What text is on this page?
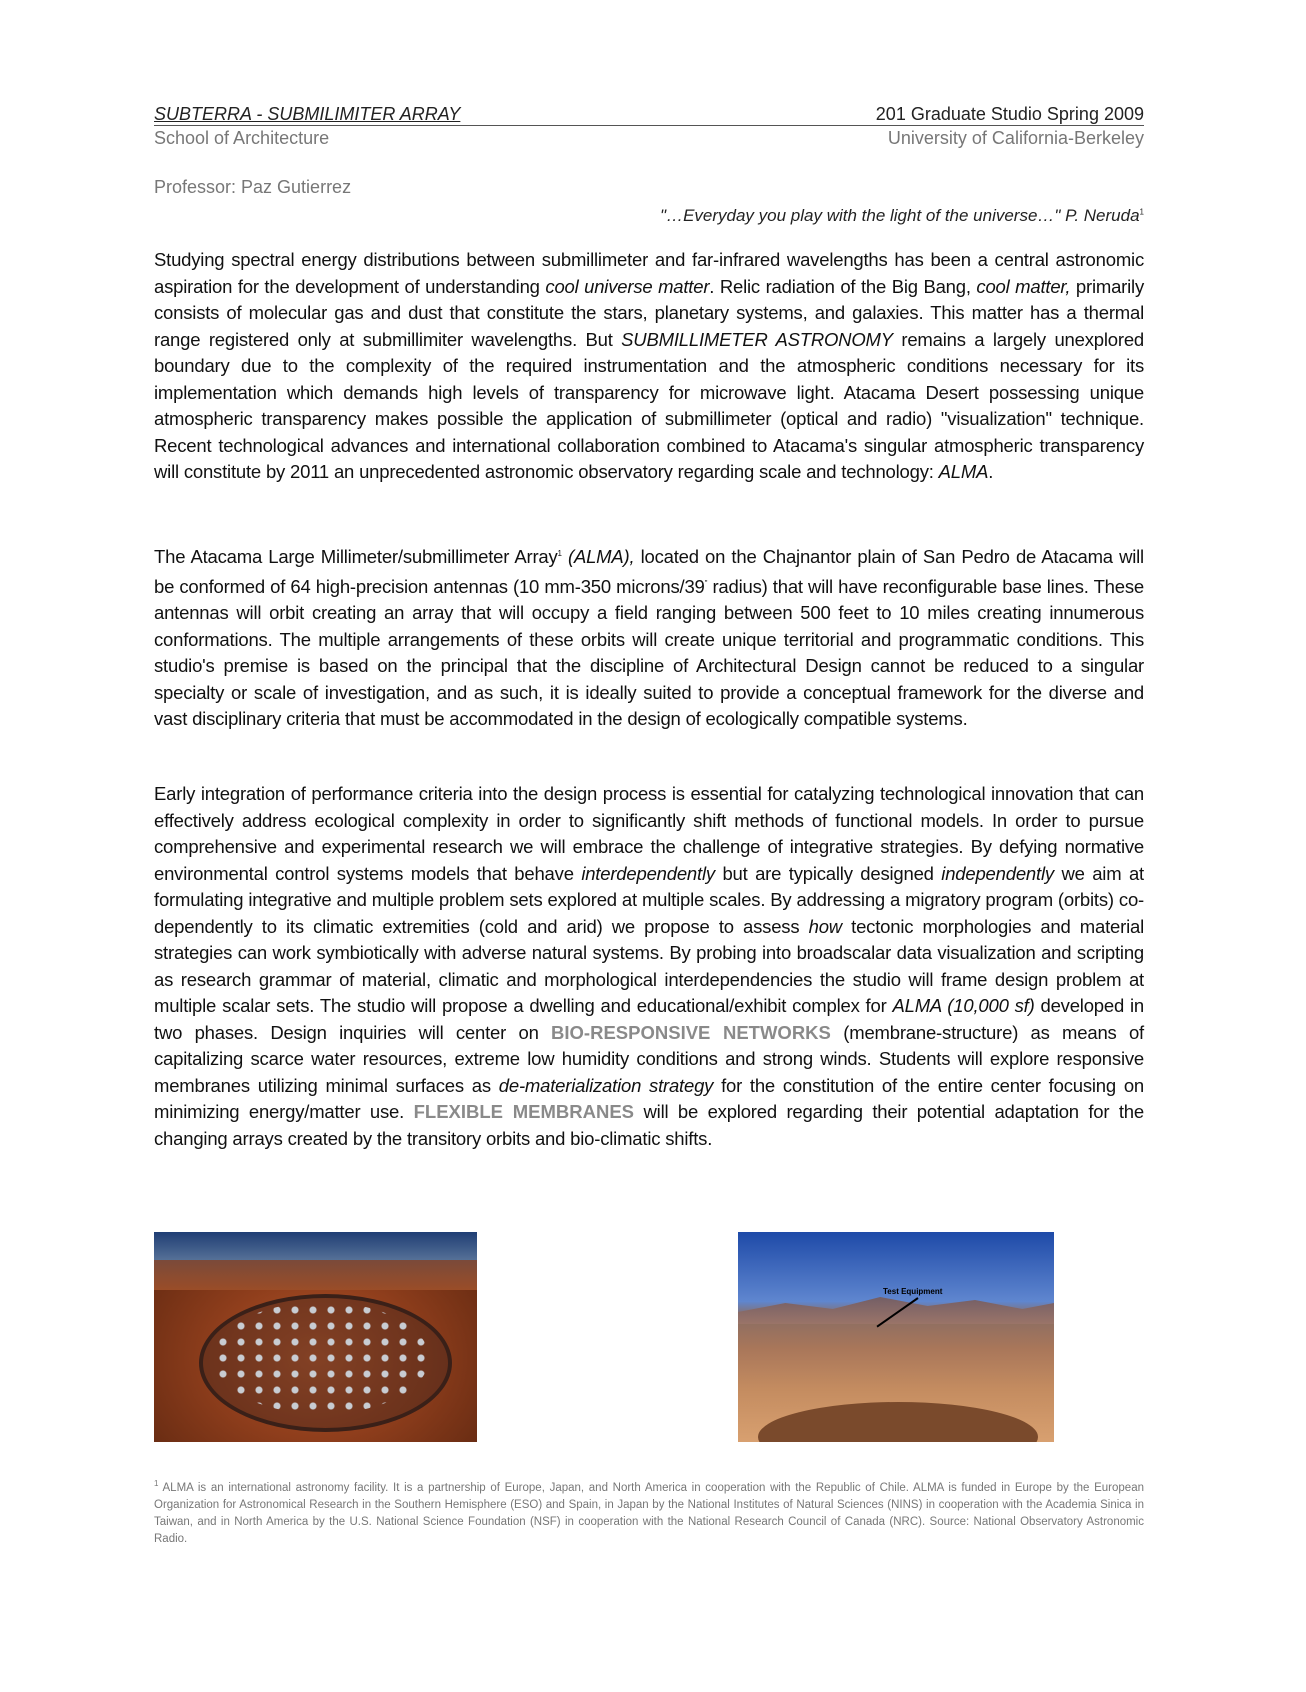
SUBTERRA - SUBMILIMITER ARRAY	201 Graduate Studio Spring 2009
School of Architecture	University of California-Berkeley
Professor: Paz Gutierrez
"…Everyday you play with the light of the universe…" P. Neruda$^1$

Studying spectral energy distributions between submillimeter and far-infrared wavelengths has been a central astronomic aspiration for the development of understanding cool universe matter. Relic radiation of the Big Bang, cool matter, primarily consists of molecular gas and dust that constitute the stars, planetary systems, and galaxies. This matter has a thermal range registered only at submillimiter wavelengths. But SUBMILLIMETER ASTRONOMY remains a largely unexplored boundary due to the complexity of the required instrumentation and the atmospheric conditions necessary for its implementation which demands high levels of transparency for microwave light. Atacama Desert possessing unique atmospheric transparency makes possible the application of submillimeter (optical and radio) "visualization" technique. Recent technological advances and international collaboration combined to Atacama's singular atmospheric transparency will constitute by 2011 an unprecedented astronomic observatory regarding scale and technology: ALMA.

The Atacama Large Millimeter/submillimeter Array$^1$ (ALMA), located on the Chajnantor plain of San Pedro de Atacama will be conformed of 64 high-precision antennas (10 mm-350 microns/39" radius) that will have reconfigurable base lines. These antennas will orbit creating an array that will occupy a field ranging between 500 feet to 10 miles creating innumerous conformations. The multiple arrangements of these orbits will create unique territorial and programmatic conditions. This studio's premise is based on the principal that the discipline of Architectural Design cannot be reduced to a singular specialty or scale of investigation, and as such, it is ideally suited to provide a conceptual framework for the diverse and vast disciplinary criteria that must be accommodated in the design of ecologically compatible systems.

Early integration of performance criteria into the design process is essential for catalyzing technological innovation that can effectively address ecological complexity in order to significantly shift methods of functional models. In order to pursue comprehensive and experimental research we will embrace the challenge of integrative strategies. By defying normative environmental control systems models that behave interdependently but are typically designed independently we aim at formulating integrative and multiple problem sets explored at multiple scales. By addressing a migratory program (orbits) co-dependently to its climatic extremities (cold and arid) we propose to assess how tectonic morphologies and material strategies can work symbiotically with adverse natural systems. By probing into broadscalar data visualization and scripting as research grammar of material, climatic and morphological interdependencies the studio will frame design problem at multiple scalar sets. The studio will propose a dwelling and educational/exhibit complex for ALMA (10,000 sf) developed in two phases. Design inquiries will center on BIO-RESPONSIVE NETWORKS (membrane-structure) as means of capitalizing scarce water resources, extreme low humidity conditions and strong winds. Students will explore responsive membranes utilizing minimal surfaces as de-materialization strategy for the constitution of the entire center focusing on minimizing energy/matter use. FLEXIBLE MEMBRANES will be explored regarding their potential adaptation for the changing arrays created by the transitory orbits and bio-climatic shifts.

Test Equipment
$^1$ ALMA is an international astronomy facility. It is a partnership of Europe, Japan, and North America in cooperation with the Republic of Chile. ALMA is funded in Europe by the European Organization for Astronomical Research in the Southern Hemisphere (ESO) and Spain, in Japan by the National Institutes of Natural Sciences (NINS) in cooperation with the Academia Sinica in Taiwan, and in North America by the U.S. National Science Foundation (NSF) in cooperation with the National Research Council of Canada (NRC). Source: National Observatory Astronomic Radio.
